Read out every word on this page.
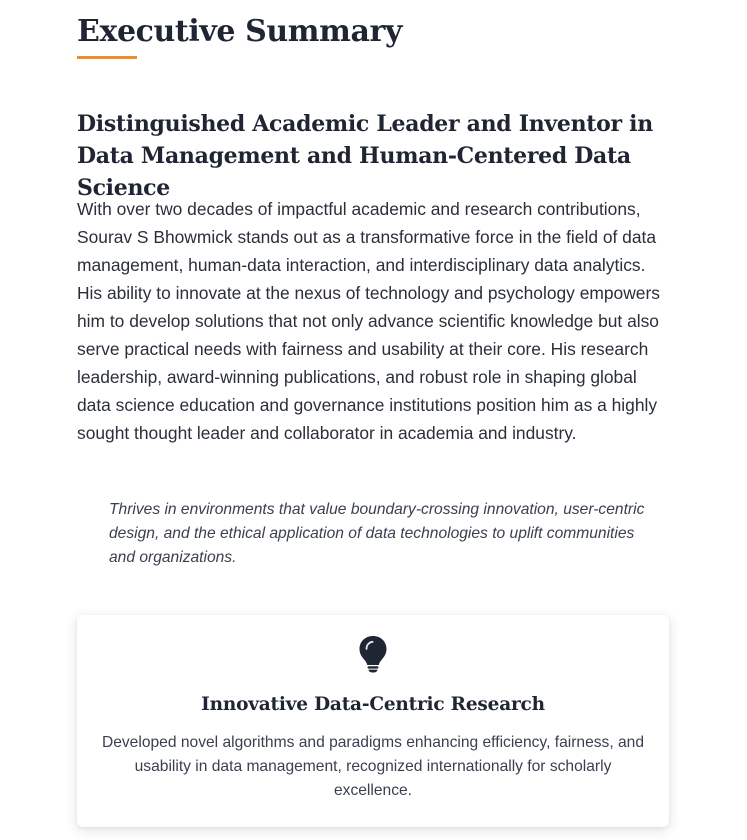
Executive Summary
Distinguished Academic Leader and Inventor in Data Management and Human-Centered Data Science

With over two decades of impactful academic and research contributions, Sourav S Bhowmick stands out as a transformative force in the field of data management, human-data interaction, and interdisciplinary data analytics. His ability to innovate at the nexus of technology and psychology empowers him to develop solutions that not only advance scientific knowledge but also serve practical needs with fairness and usability at their core. His research leadership, award-winning publications, and robust role in shaping global data science education and governance institutions position him as a highly sought thought leader and collaborator in academia and industry.

Thrives in environments that value boundary-crossing innovation, user-centric design, and the ethical application of data technologies to uplift communities and organizations.

Innovative Data-Centric Research

Developed novel algorithms and paradigms enhancing efficiency, fairness, and usability in data management, recognized internationally for scholarly excellence.
